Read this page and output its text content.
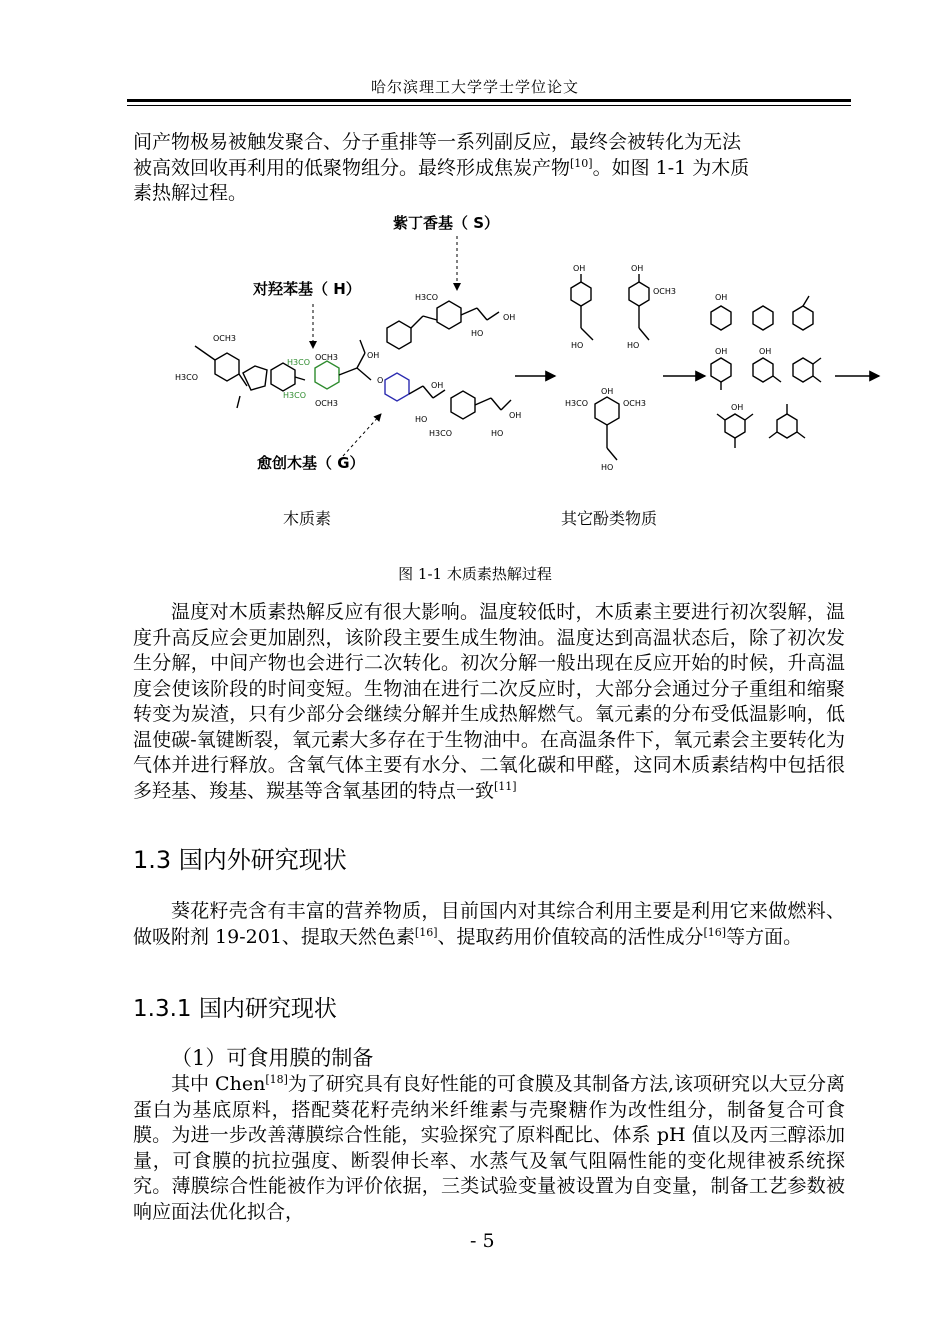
哈尔滨理工大学学士学位论文

间产物极易被触发聚合、分子重排等一系列副反应，最终会被转化为无法

被高效回收再利用的低聚物组分。最终形成焦炭产物[10]。如图 1-1 为木质

素热解过程。

紫丁香基（ S）
对羟苯基（ H）
OCH3
H3CO
H3CO
OCH3
H3CO
OCH3
OH
O
H3CO
OH
HO
OH
HO
H3CO
OH
HO
愈创木基（ G）
OH
HO
OH
OCH3
HO
H3CO
OH
OCH3
HO
OH
OH	OH
OH
木质素	其它酚类物质
图 1-1 木质素热解过程

温度对木质素热解反应有很大影响。温度较低时，木质素主要进行初次裂解，温度升高反应会更加剧烈，该阶段主要生成生物油。温度达到高温状态后，除了初次发生分解，中间产物也会进行二次转化。初次分解一般出现在反应开始的时候，升高温度会使该阶段的时间变短。生物油在进行二次反应时，大部分会通过分子重组和缩聚转变为炭渣，只有少部分会继续分解并生成热解燃气。氧元素的分布受低温影响，低温使碳-氧键断裂，氧元素大多存在于生物油中。在高温条件下，氧元素会主要转化为气体并进行释放。含氧气体主要有水分、二氧化碳和甲醛，这同木质素结构中包括很多羟基、羧基、羰基等含氧基团的特点一致[11]

1.3 国内外研究现状

葵花籽壳含有丰富的营养物质，目前国内对其综合利用主要是利用它来做燃料、做吸附剂 19-201、提取天然色素[16]、提取药用价值较高的活性成分[16]等方面。

1.3.1 国内研究现状
（1）可食用膜的制备

其中 Chen[18]为了研究具有良好性能的可食膜及其制备方法,该项研究以大豆分离蛋白为基底原料，搭配葵花籽壳纳米纤维素与壳聚糖作为改性组分，制备复合可食膜。为进一步改善薄膜综合性能，实验探究了原料配比、体系 pH 值以及丙三醇添加量，可食膜的抗拉强度、断裂伸长率、水蒸气及氧气阻隔性能的变化规律被系统探究。薄膜综合性能被作为评价依据，三类试验变量被设置为自变量，制备工艺参数被响应面法优化拟合，

- 5
